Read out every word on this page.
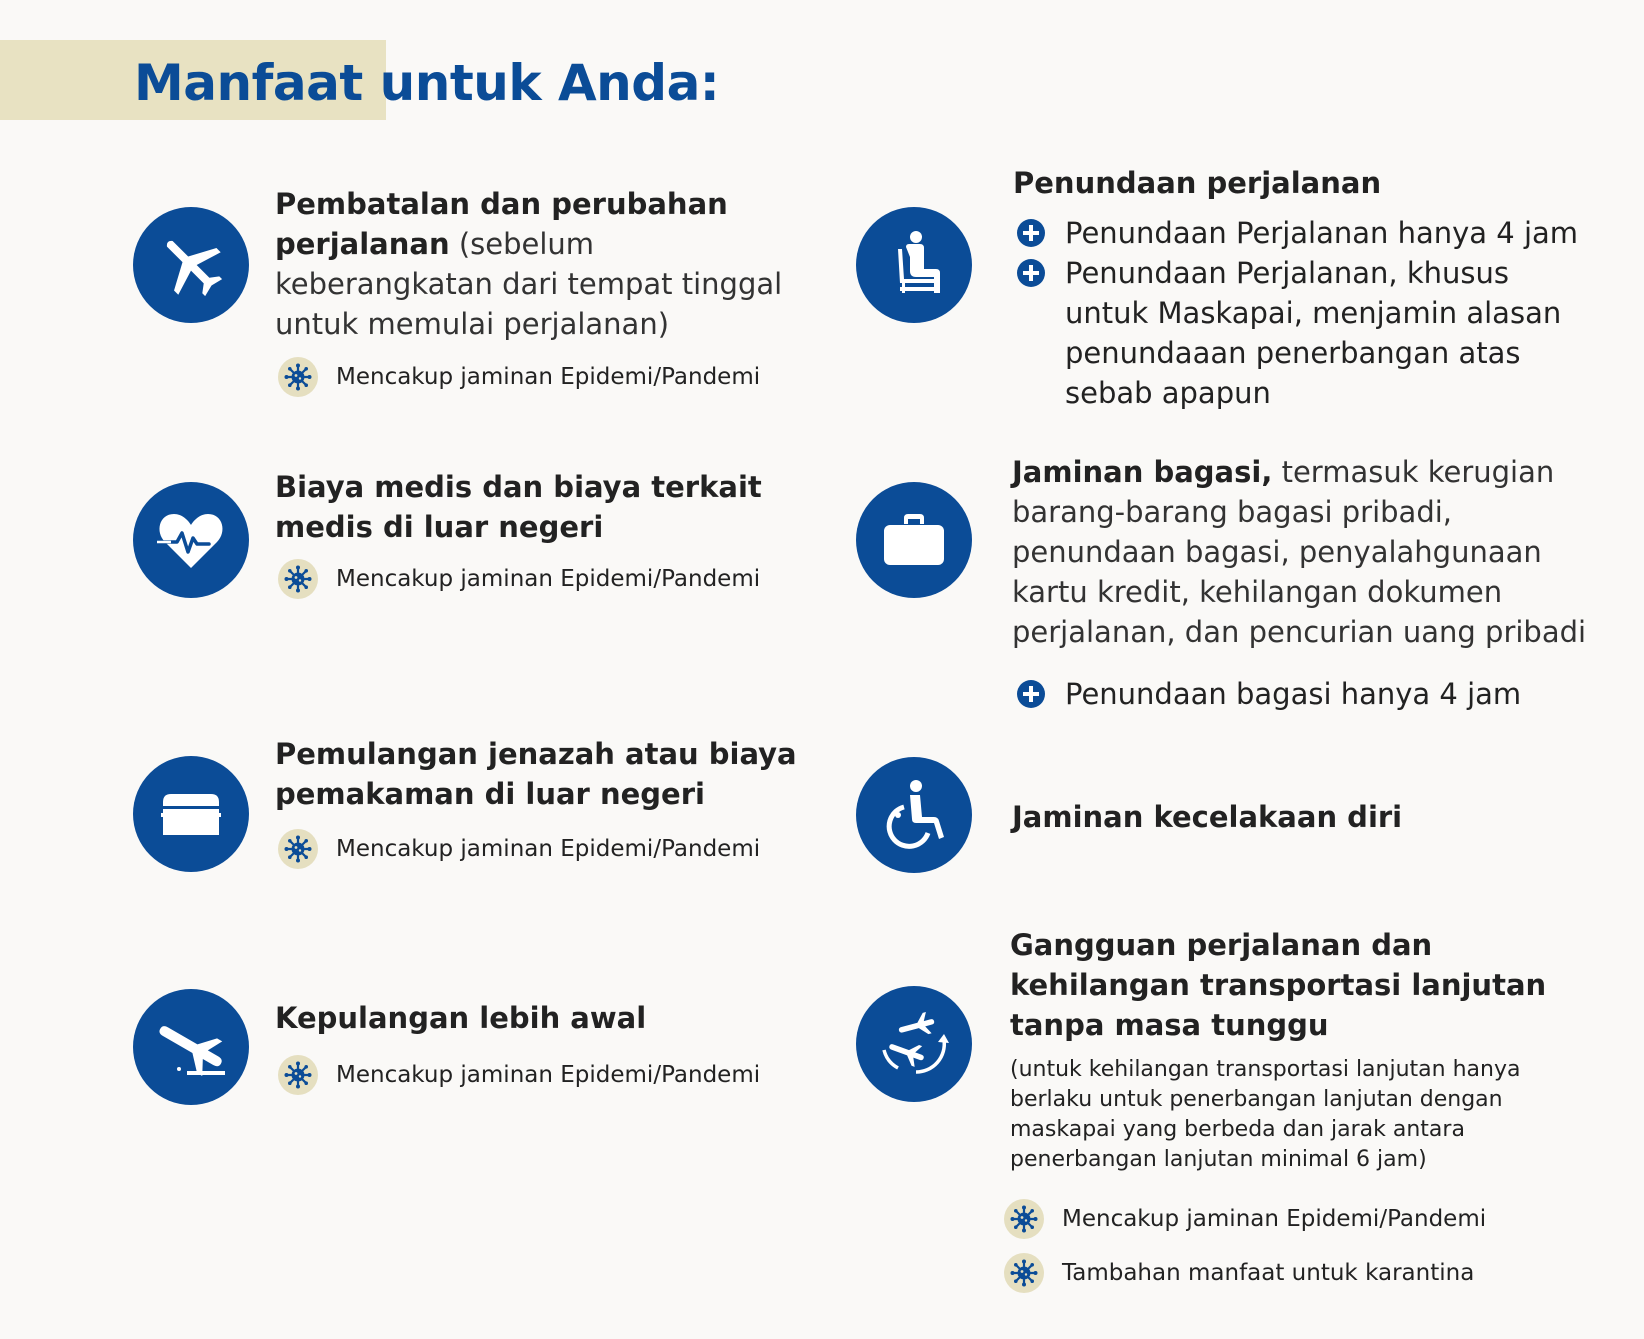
Manfaat untuk Anda:
Pembatalan dan perubahan perjalanan (sebelum keberangkatan dari tempat tinggal untuk memulai perjalanan)
Mencakup jaminan Epidemi/Pandemi
Biaya medis dan biaya terkait medis di luar negeri
Mencakup jaminan Epidemi/Pandemi
Pemulangan jenazah atau biaya pemakaman di luar negeri
Mencakup jaminan Epidemi/Pandemi
Kepulangan lebih awal
Mencakup jaminan Epidemi/Pandemi
Penundaan perjalanan
Penundaan Perjalanan hanya 4 jam
Penundaan Perjalanan, khusus untuk Maskapai, menjamin alasan penundaaan penerbangan atas sebab apapun
Jaminan bagasi, termasuk kerugian barang-barang bagasi pribadi, penundaan bagasi, penyalahgunaan kartu kredit, kehilangan dokumen perjalanan, dan pencurian uang pribadi
Penundaan bagasi hanya 4 jam
Jaminan kecelakaan diri
Gangguan perjalanan dan kehilangan transportasi lanjutan tanpa masa tunggu
(untuk kehilangan transportasi lanjutan hanya berlaku untuk penerbangan lanjutan dengan maskapai yang berbeda dan jarak antara penerbangan lanjutan minimal 6 jam)
Mencakup jaminan Epidemi/Pandemi
Tambahan manfaat untuk karantina
